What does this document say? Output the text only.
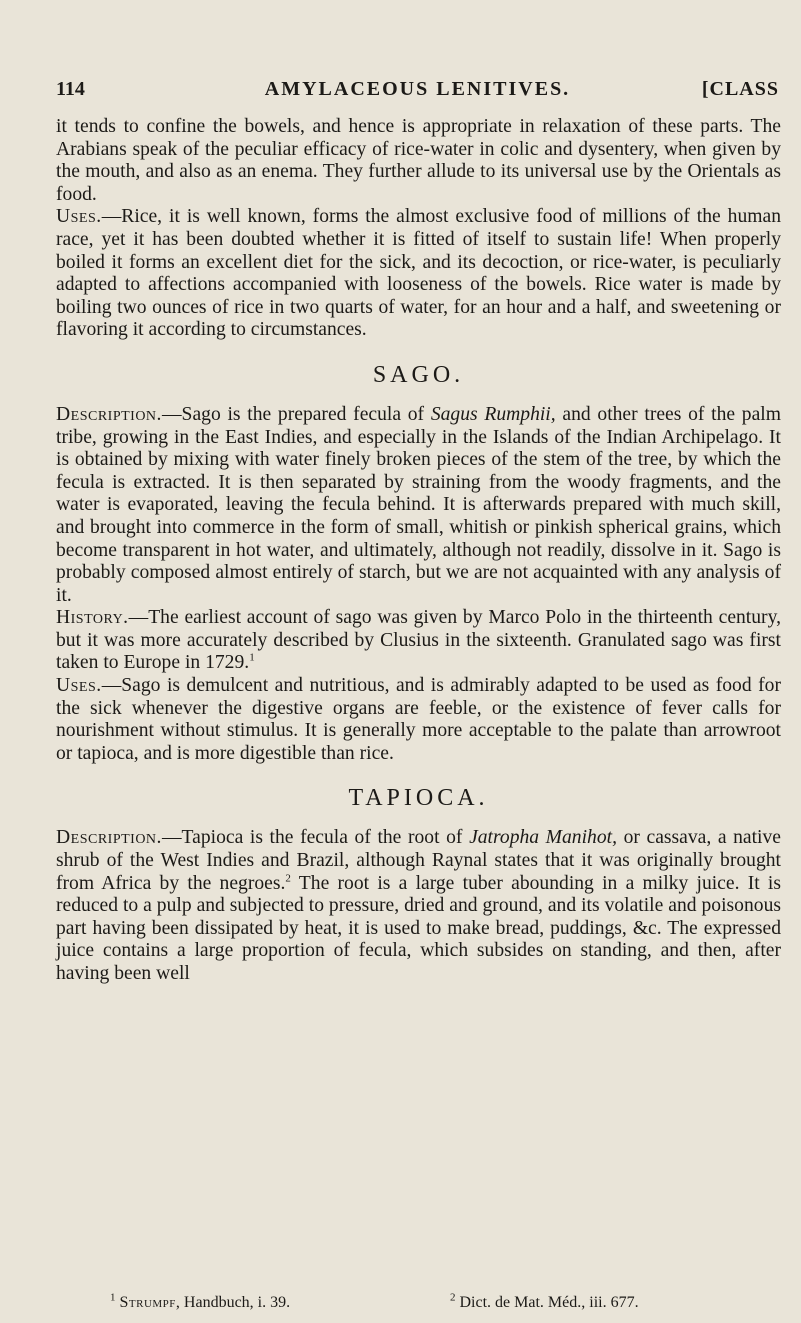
114	AMYLACEOUS LENITIVES.	[CLASS

it tends to confine the bowels, and hence is appropriate in relaxation of these parts. The Arabians speak of the peculiar efficacy of rice-water in colic and dysentery, when given by the mouth, and also as an enema. They further allude to its universal use by the Orientals as food.

Uses.—Rice, it is well known, forms the almost exclusive food of millions of the human race, yet it has been doubted whether it is fitted of itself to sustain life! When properly boiled it forms an excellent diet for the sick, and its decoction, or rice-water, is peculiarly adapted to affections accompanied with looseness of the bowels. Rice water is made by boiling two ounces of rice in two quarts of water, for an hour and a half, and sweetening or flavoring it according to circumstances.

SAGO.

Description.—Sago is the prepared fecula of Sagus Rumphii, and other trees of the palm tribe, growing in the East Indies, and especially in the Islands of the Indian Archipelago. It is obtained by mixing with water finely broken pieces of the stem of the tree, by which the fecula is extracted. It is then separated by straining from the woody fragments, and the water is evaporated, leaving the fecula behind. It is afterwards prepared with much skill, and brought into commerce in the form of small, whitish or pinkish spherical grains, which become transparent in hot water, and ultimately, although not readily, dissolve in it. Sago is probably composed almost entirely of starch, but we are not acquainted with any analysis of it.

History.—The earliest account of sago was given by Marco Polo in the thirteenth century, but it was more accurately described by Clusius in the sixteenth. Granulated sago was first taken to Europe in 1729.$^1$

Uses.—Sago is demulcent and nutritious, and is admirably adapted to be used as food for the sick whenever the digestive organs are feeble, or the existence of fever calls for nourishment without stimulus. It is generally more acceptable to the palate than arrowroot or tapioca, and is more digestible than rice.

TAPIOCA.

Description.—Tapioca is the fecula of the root of Jatropha Manihot, or cassava, a native shrub of the West Indies and Brazil, although Raynal states that it was originally brought from Africa by the negroes.$^2$ The root is a large tuber abounding in a milky juice. It is reduced to a pulp and subjected to pressure, dried and ground, and its volatile and poisonous part having been dissipated by heat, it is used to make bread, puddings, &c. The expressed juice contains a large proportion of fecula, which subsides on standing, and then, after having been well

$^1$ Strumpf, Handbuch, i. 39.	$^2$ Dict. de Mat. Méd., iii. 677.
